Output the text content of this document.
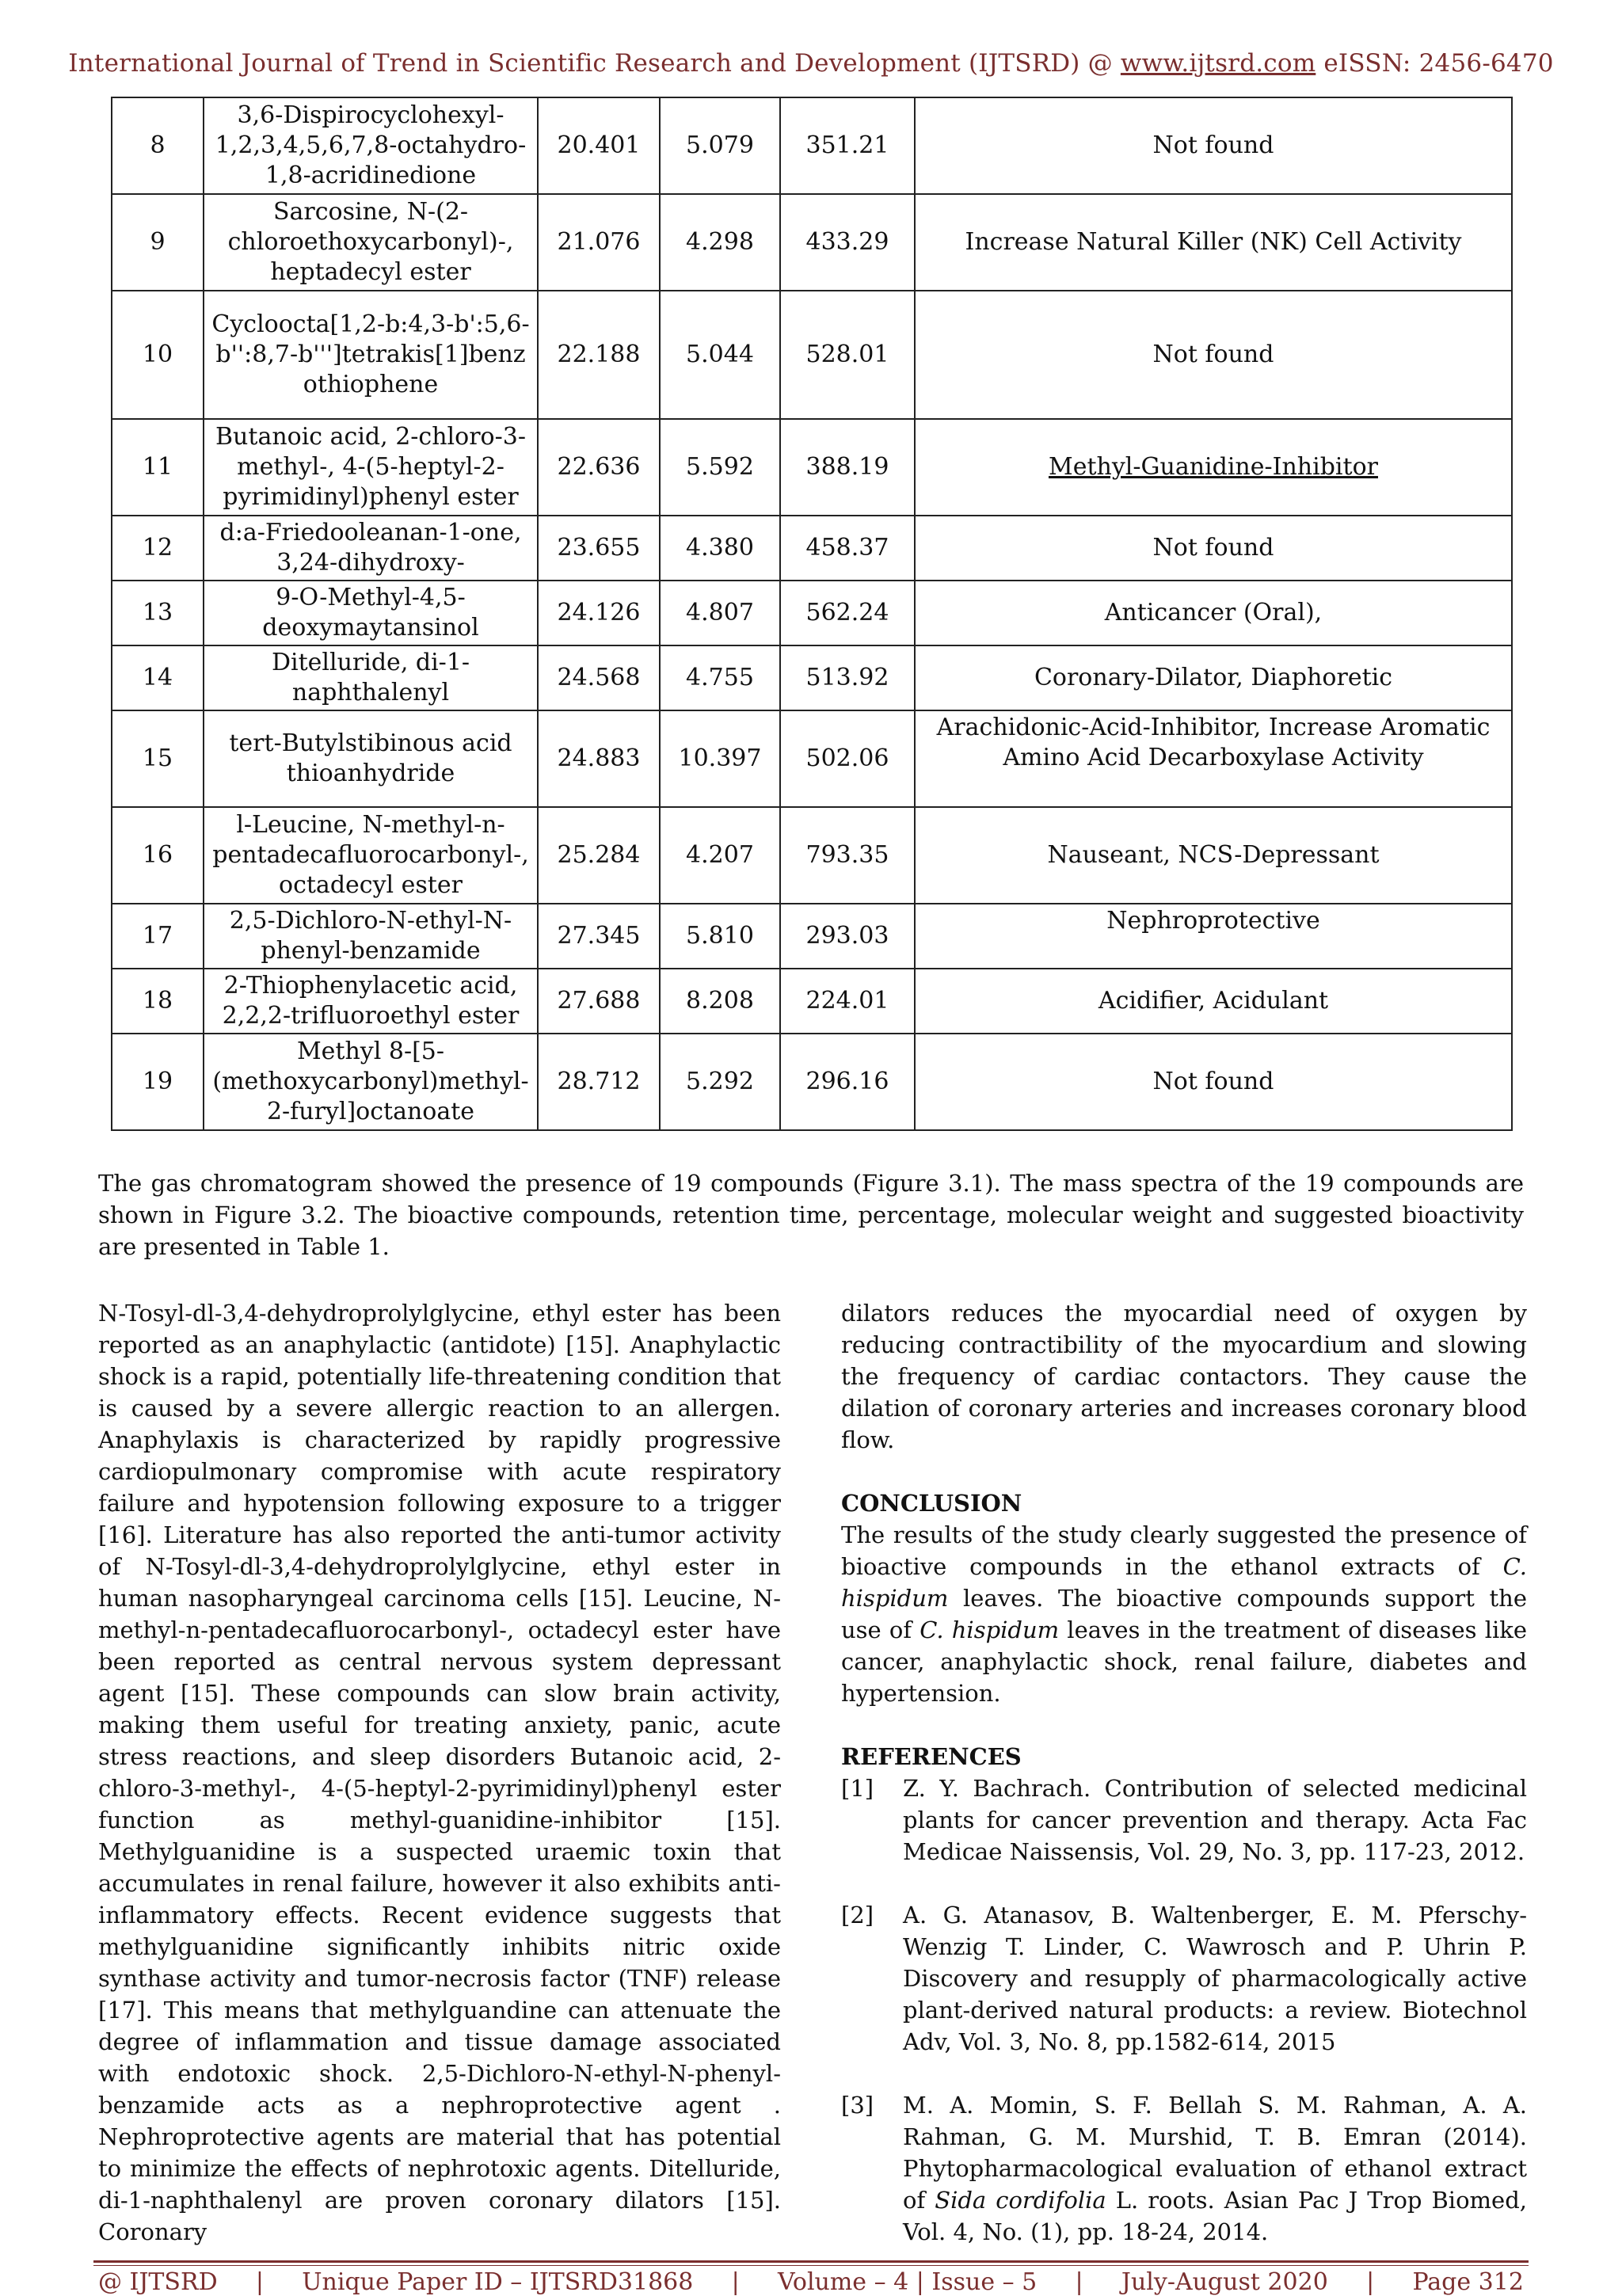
International Journal of Trend in Scientific Research and Development (IJTSRD) @ www.ijtsrd.com eISSN: 2456-6470
8	3,6-Dispirocyclohexyl-1,2,3,4,5,6,7,8-octahydro-1,8-acridinedione	20.401	5.079	351.21	Not found
9	Sarcosine, N-(2-chloroethoxycarbonyl)-, heptadecyl ester	21.076	4.298	433.29	Increase Natural Killer (NK) Cell Activity
10	Cycloocta[1,2-b:4,3-b':5,6-b'':8,7-b''']tetrakis[1]benzothiophene	22.188	5.044	528.01	Not found
11	Butanoic acid, 2-chloro-3-methyl-, 4-(5-heptyl-2-pyrimidinyl)phenyl ester	22.636	5.592	388.19	Methyl-Guanidine-Inhibitor
12	d:a-Friedooleanan-1-one, 3,24-dihydroxy-	23.655	4.380	458.37	Not found
13	9-O-Methyl-4,5-deoxymaytansinol	24.126	4.807	562.24	Anticancer (Oral),
14	Ditelluride, di-1-naphthalenyl	24.568	4.755	513.92	Coronary-Dilator, Diaphoretic
15	tert-Butylstibinous acid thioanhydride	24.883	10.397	502.06	Arachidonic-Acid-Inhibitor, Increase Aromatic Amino Acid Decarboxylase Activity
16	l-Leucine, N-methyl-n-pentadecafluorocarbonyl-, octadecyl ester	25.284	4.207	793.35	Nauseant, NCS-Depressant
17	2,5-Dichloro-N-ethyl-N-phenyl-benzamide	27.345	5.810	293.03	Nephroprotective
18	2-Thiophenylacetic acid, 2,2,2-trifluoroethyl ester	27.688	8.208	224.01	Acidifier, Acidulant
19	Methyl 8-[5-(methoxycarbonyl)methyl-2-furyl]octanoate	28.712	5.292	296.16	Not found

The gas chromatogram showed the presence of 19 compounds (Figure 3.1). The mass spectra of the 19 compounds are shown in Figure 3.2. The bioactive compounds, retention time, percentage, molecular weight and suggested bioactivity are presented in Table 1.

N-Tosyl-dl-3,4-dehydroprolylglycine, ethyl ester has been reported as an anaphylactic (antidote) [15]. Anaphylactic shock is a rapid, potentially life-threatening condition that is caused by a severe allergic reaction to an allergen. Anaphylaxis is characterized by rapidly progressive cardiopulmonary compromise with acute respiratory failure and hypotension following exposure to a trigger [16]. Literature has also reported the anti-tumor activity of N-Tosyl-dl-3,4-dehydroprolylglycine, ethyl ester in human nasopharyngeal carcinoma cells [15]. Leucine, N-methyl-n-pentadecafluorocarbonyl-, octadecyl ester have been reported as central nervous system depressant agent [15]. These compounds can slow brain activity, making them useful for treating anxiety, panic, acute stress reactions, and sleep disorders Butanoic acid, 2-chloro-3-methyl-, 4-(5-heptyl-2-pyrimidinyl)phenyl ester function as methyl-guanidine-inhibitor [15]. Methylguanidine is a suspected uraemic toxin that accumulates in renal failure, however it also exhibits anti-inflammatory effects. Recent evidence suggests that methylguanidine significantly inhibits nitric oxide synthase activity and tumor-necrosis factor (TNF) release [17]. This means that methylguandine can attenuate the degree of inflammation and tissue damage associated with endotoxic shock. 2,5-Dichloro-N-ethyl-N-phenyl-benzamide acts as a nephroprotective agent . Nephroprotective agents are material that has potential to minimize the effects of nephrotoxic agents. Ditelluride, di-1-naphthalenyl are proven coronary dilators [15]. Coronary

dilators reduces the myocardial need of oxygen by reducing contractibility of the myocardium and slowing the frequency of cardiac contactors. They cause the dilation of coronary arteries and increases coronary blood flow.

CONCLUSION

The results of the study clearly suggested the presence of bioactive compounds in the ethanol extracts of C. hispidum leaves. The bioactive compounds support the use of C. hispidum leaves in the treatment of diseases like cancer, anaphylactic shock, renal failure, diabetes and hypertension.

REFERENCES

[1]	Z. Y. Bachrach. Contribution of selected medicinal plants for cancer prevention and therapy. Acta Fac Medicae Naissensis, Vol. 29, No. 3, pp. 117-23, 2012.
[2]	A. G. Atanasov, B. Waltenberger, E. M. Pferschy-Wenzig T. Linder, C. Wawrosch and P. Uhrin P. Discovery and resupply of pharmacologically active plant-derived natural products: a review. Biotechnol Adv, Vol. 3, No. 8, pp.1582-614, 2015
[3]	M. A. Momin, S. F. Bellah S. M. Rahman, A. A. Rahman, G. M. Murshid, T. B. Emran (2014). Phytopharmacological evaluation of ethanol extract of Sida cordifolia L. roots. Asian Pac J Trop Biomed, Vol. 4, No. (1), pp. 18-24, 2014.
@ IJTSRD | Unique Paper ID – IJTSRD31868 | Volume – 4 | Issue – 5 | July-August 2020 | Page 312
